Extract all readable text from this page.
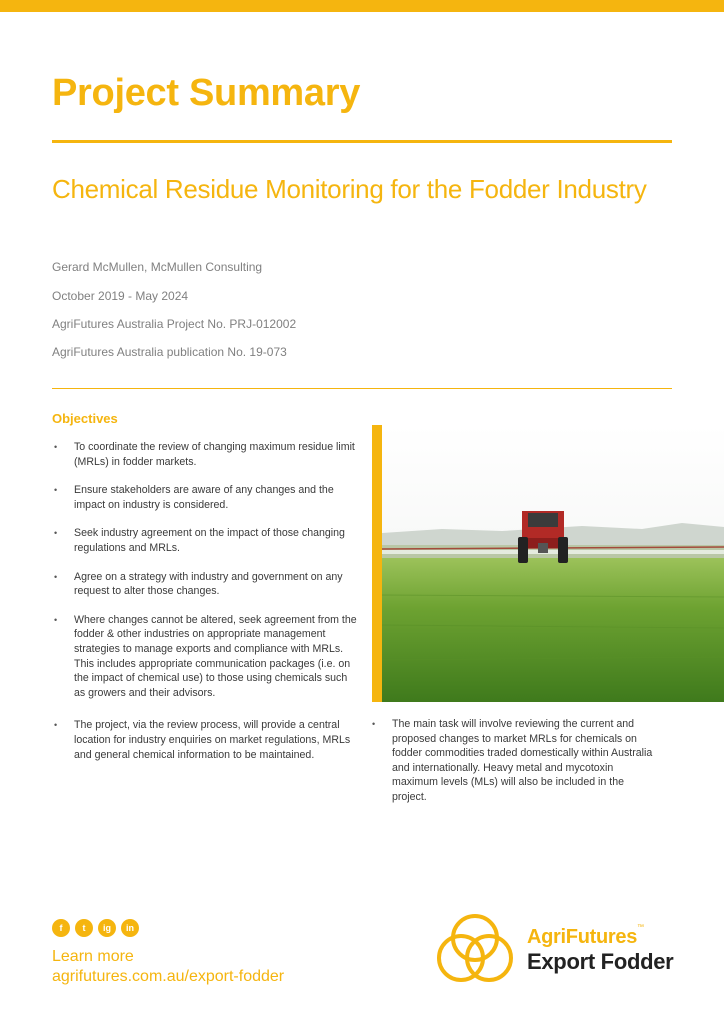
Project Summary
Chemical Residue Monitoring for the Fodder Industry
Gerard McMullen, McMullen Consulting
October 2019 - May 2024
AgriFutures Australia Project No. PRJ-012002
AgriFutures Australia publication No. 19-073
Objectives
• To coordinate the review of changing maximum residue limit (MRLs) in fodder markets.
• Ensure stakeholders are aware of any changes and the impact on industry is considered.
• Seek industry agreement on the impact of those changing regulations and MRLs.
• Agree on a strategy with industry and government on any request to alter those changes.
• Where changes cannot be altered, seek agreement from the fodder & other industries on appropriate management strategies to manage exports and compliance with MRLs. This includes appropriate communication packages (i.e. on the impact of chemical use) to those using chemicals such as growers and their advisors.
• The project, via the review process, will provide a central location for industry enquiries on market regulations, MRLs and general chemical information to be maintained.
• The main task will involve reviewing the current and proposed changes to market MRLs for chemicals on fodder commodities traded domestically within Australia and internationally. Heavy metal and mycotoxin maximum levels (MLs) will also be included in the project.
f	t	ig	in
Learn more
agrifutures.com.au/export-fodder
AgriFutures™
Export Fodder
